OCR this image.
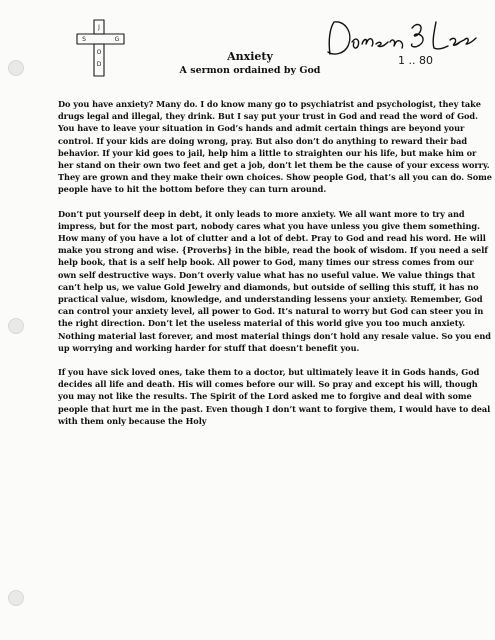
J
S	G
O
D
Anxiety
A sermon ordained by God
1 .. 80

Do you have anxiety? Many do. I do know many go to psychiatrist and psychologist, they take drugs legal and illegal, they drink. But I say put your trust in God and read the word of God. You have to leave your situation in God’s hands and admit certain things are beyond your control. If your kids are doing wrong, pray. But also don’t do anything to reward their bad behavior. If your kid goes to jail, help him a little to straighten our his life, but make him or her stand on their own two feet and get a job, don’t let them be the cause of your excess worry. They are grown and they make their own choices. Show people God, that’s all you can do. Some people have to hit the bottom before they can turn around.

Don’t put yourself deep in debt, it only leads to more anxiety. We all want more to try and impress, but for the most part, nobody cares what you have unless you give them something. How many of you have a lot of clutter and a lot of debt. Pray to God and read his word. He will make you strong and wise. {Proverbs} in the bible, read the book of wisdom. If you need a self help book, that is a self help book. All power to God, many times our stress comes from our own self destructive ways. Don’t overly value what has no useful value. We value things that can’t help us, we value Gold Jewelry and diamonds, but outside of selling this stuff, it has no practical value, wisdom, knowledge, and understanding lessens your anxiety. Remember, God can control your anxiety level, all power to God. It’s natural to worry but God can steer you in the right direction. Don’t let the useless material of this world give you too much anxiety. Nothing material last forever, and most material things don’t hold any resale value. So you end up worrying and working harder for stuff that doesn’t benefit you.

If you have sick loved ones, take them to a doctor, but ultimately leave it in Gods hands, God decides all life and death. His will comes before our will. So pray and except his will, though you may not like the results. The Spirit of the Lord asked me to forgive and deal with some people that hurt me in the past. Even though I don’t want to forgive them, I would have to deal with them only because the Holy
